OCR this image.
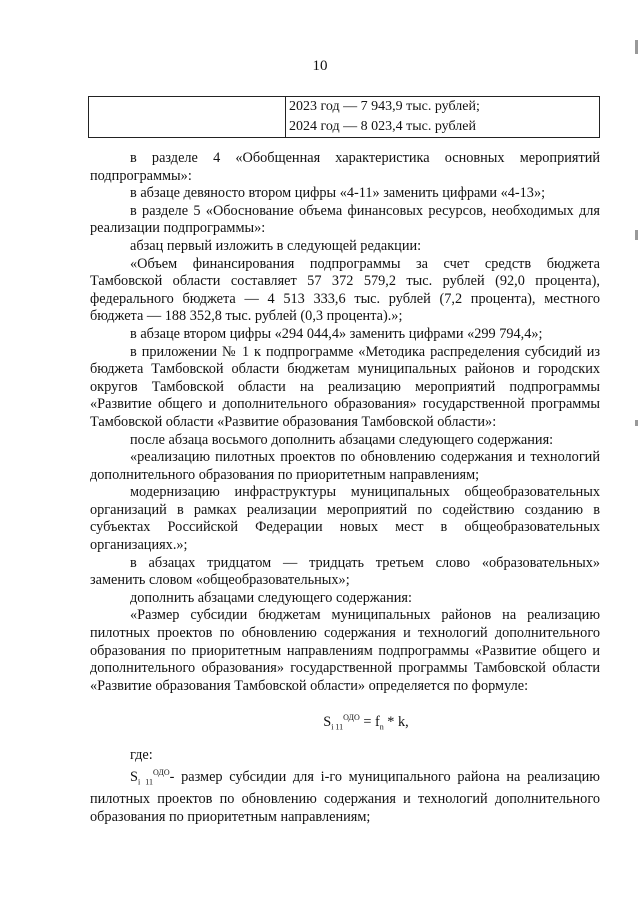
10

2023 год — 7 943,9 тыс. рублей;
2024 год — 8 023,4 тыс. рублей

в разделе 4 «Обобщенная характеристика основных мероприятий подпрограммы»:

в абзаце девяносто втором цифры «4-11» заменить цифрами «4-13»;

в разделе 5 «Обоснование объема финансовых ресурсов, необходимых для реализации подпрограммы»:

абзац первый изложить в следующей редакции:

«Объем финансирования подпрограммы за счет средств бюджета Тамбовской области составляет 57 372 579,2 тыс. рублей (92,0 процента), федерального бюджета — 4 513 333,6 тыс. рублей (7,2 процента), местного бюджета — 188 352,8 тыс. рублей (0,3 процента).»;

в абзаце втором цифры «294 044,4» заменить цифрами «299 794,4»;

в приложении № 1 к подпрограмме «Методика распределения субсидий из бюджета Тамбовской области бюджетам муниципальных районов и городских округов Тамбовской области на реализацию мероприятий подпрограммы «Развитие общего и дополнительного образования» государственной программы Тамбовской области «Развитие образования Тамбовской области»:

после абзаца восьмого дополнить абзацами следующего содержания:

«реализацию пилотных проектов по обновлению содержания и технологий дополнительного образования по приоритетным направлениям;

модернизацию инфраструктуры муниципальных общеобразовательных организаций в рамках реализации мероприятий по содействию созданию в субъектах Российской Федерации новых мест в общеобразовательных организациях.»;

в абзацах тридцатом — тридцать третьем слово «образовательных» заменить словом «общеобразовательных»;

дополнить абзацами следующего содержания:

«Размер субсидии бюджетам муниципальных районов на реализацию пилотных проектов по обновлению содержания и технологий дополнительного образования по приоритетным направлениям подпрограммы «Развитие общего и дополнительного образования» государственной программы Тамбовской области «Развитие образования Тамбовской области» определяется по формуле:

$S_{i 11}^{ОДО} = f_n * k$,

где:

$S_{i 11}^{ОДО}-$ размер субсидии для i-го муниципального района на реализацию пилотных проектов по обновлению содержания и технологий дополнительного образования по приоритетным направлениям;
